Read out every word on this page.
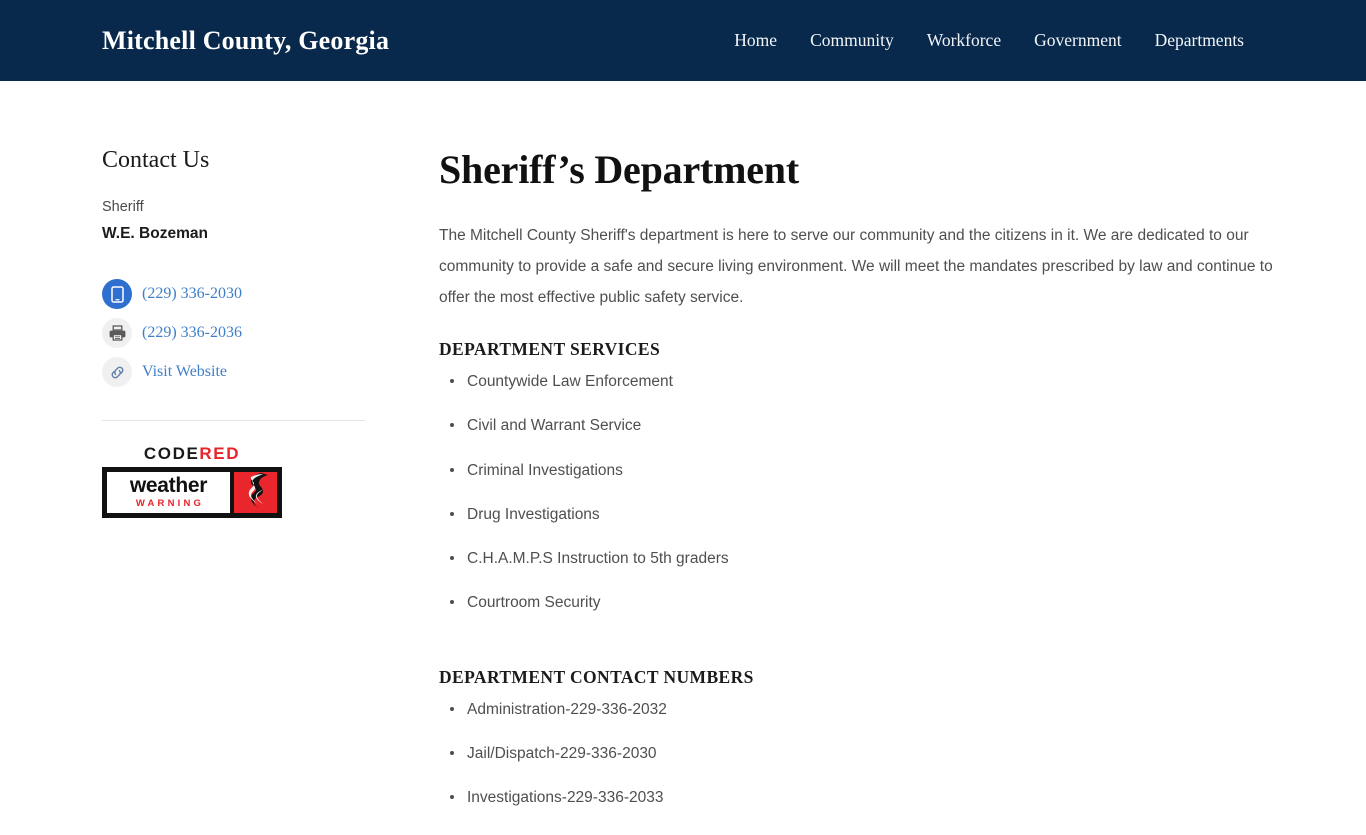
Mitchell County, Georgia	Home Community Workforce Government Departments
Contact Us
Sheriff
W.E. Bozeman
(229) 336-2030
(229) 336-2036
Visit Website
CODERED
weather
WARNING
Sheriff’s Department

The Mitchell County Sheriff's department is here to serve our community and the citizens in it. We are dedicated to our community to provide a safe and secure living environment. We will meet the mandates prescribed by law and continue to offer the most effective public safety service.

DEPARTMENT SERVICES
Countywide Law Enforcement
Civil and Warrant Service
Criminal Investigations
Drug Investigations
C.H.A.M.P.S Instruction to 5th graders
Courtroom Security
DEPARTMENT CONTACT NUMBERS
Administration-229-336-2032
Jail/Dispatch-229-336-2030
Investigations-229-336-2033
